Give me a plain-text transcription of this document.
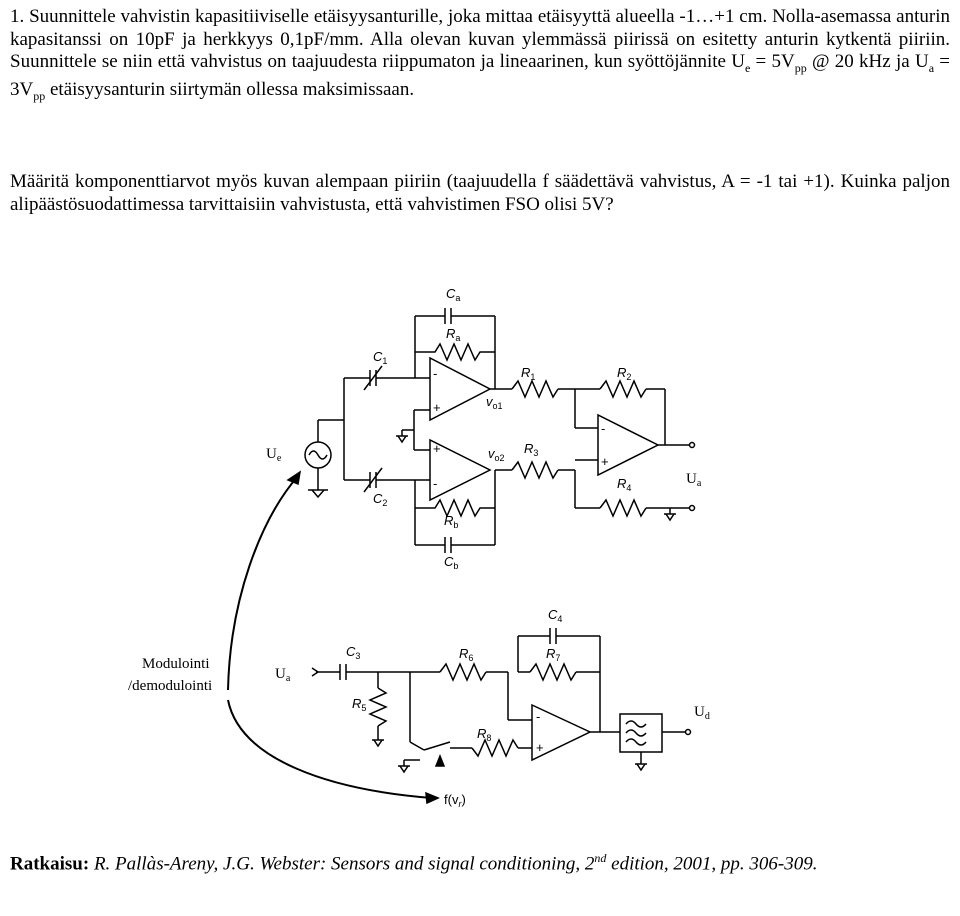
1. Suunnittele vahvistin kapasitiiviselle etäisyysanturille, joka mittaa etäisyyttä alueella -1…+1 cm. Nolla-asemassa anturin kapasitanssi on 10pF ja herkkyys 0,1pF/mm. Alla olevan kuvan ylemmässä piirissä on esitetty anturin kytkentä piiriin. Suunnittele se niin että vahvistus on taajuudesta riippumaton ja lineaarinen, kun syöttöjännite $U_e = 5V_{pp}$ @ 20 kHz ja $U_a = 3V_{pp}$ etäisyysanturin siirtymän ollessa maksimissaan.

Määritä komponenttiarvot myös kuvan alempaan piiriin (taajuudella f säädettävä vahvistus, A = -1 tai +1). Kuinka paljon alipäästösuodattimessa tarvittaisiin vahvistusta, että vahvistimen FSO olisi 5V?

$C_a$
$R_a$
$C_1$
$C_2$
$R_1$	$R_2$
$R_3$
$R_4$
$R_b$
$C_b$
$v_{o1}$
$v_{o2}$
-
+
+
-
-
+
$C_3$
$C_4$
$R_5$
$R_6$	$R_7$
$R_8$
-
+
$f(v_r)$
$U_e$
$U_a$
$U_a$
$U_d$
Modulointi
/demodulointi

Ratkaisu: R. Pallàs-Areny, J.G. Webster: Sensors and signal conditioning, 2nd edition, 2001, pp. 306-309.
